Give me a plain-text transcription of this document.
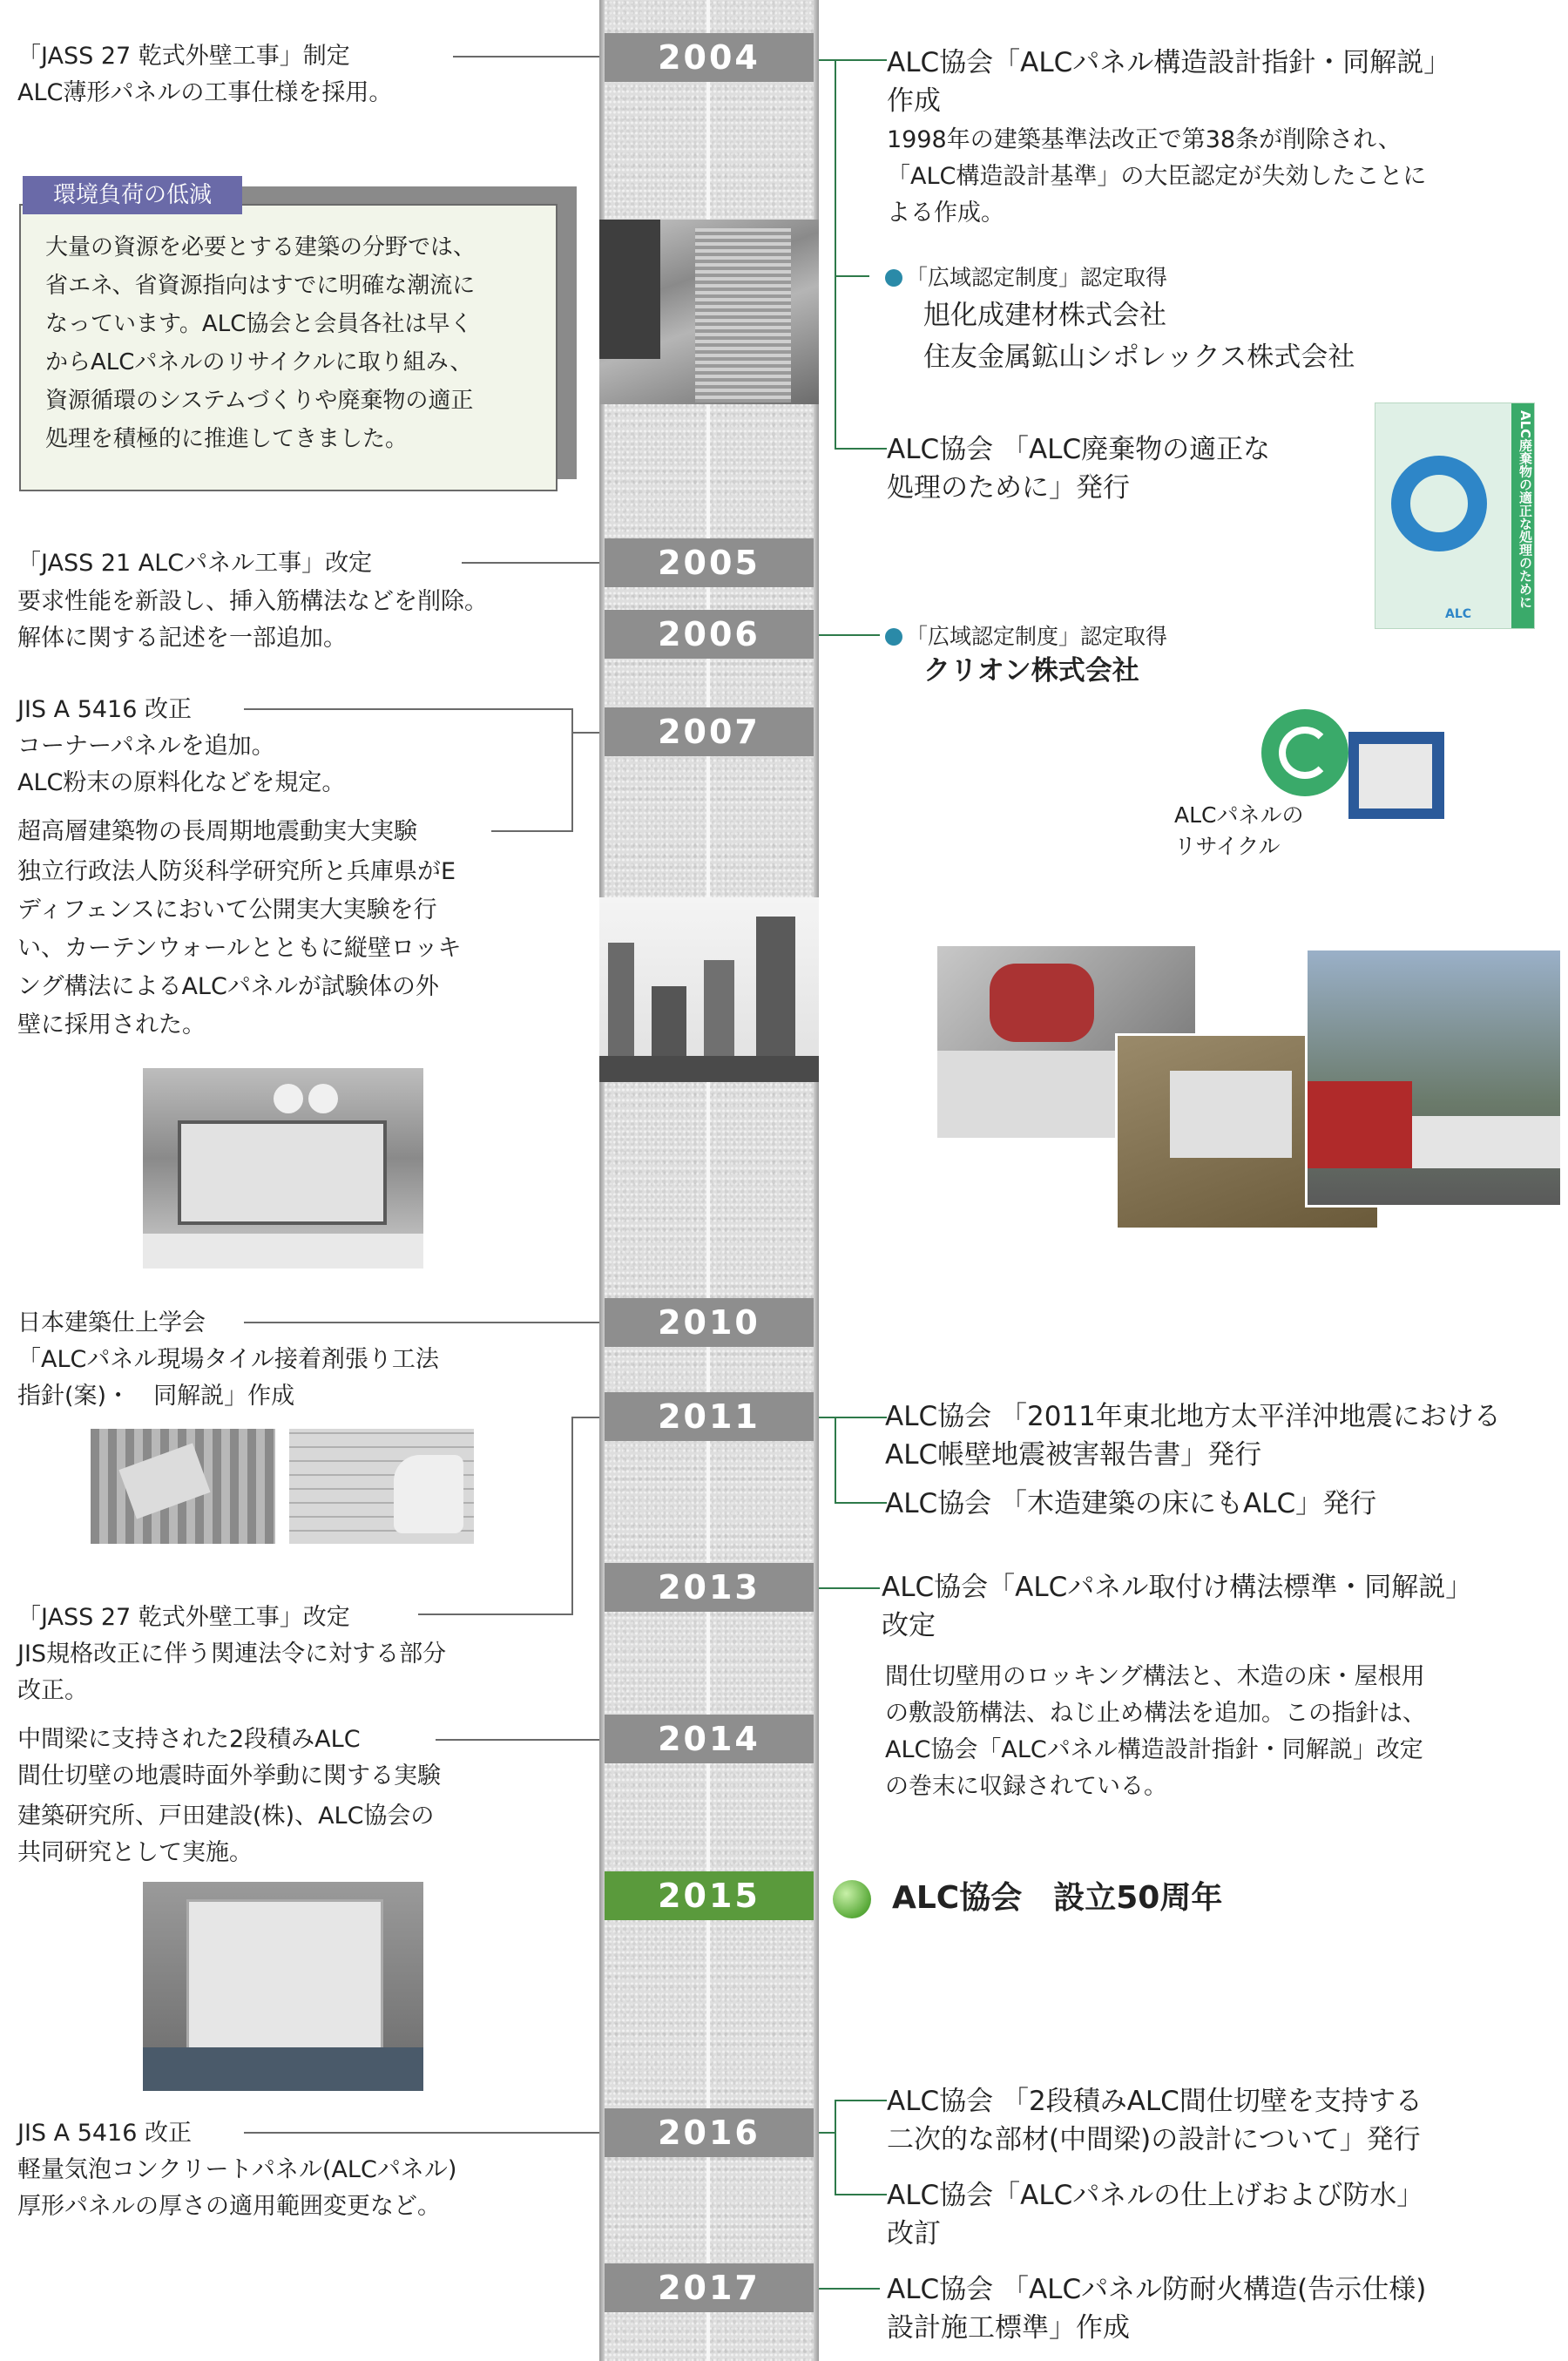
2004
2005
2006
2007
2010
2011
2013
2014
2015
2016
2017
「JASS 27 乾式外壁工事」制定
ALC薄形パネルの工事仕様を採用。
環境負荷の低減
大量の資源を必要とする建築の分野では、
省エネ、省資源指向はすでに明確な潮流に
なっています。ALC協会と会員各社は早く
からALCパネルのリサイクルに取り組み、
資源循環のシステムづくりや廃棄物の適正
処理を積極的に推進してきました。
「JASS 21 ALCパネル工事」改定
要求性能を新設し、挿入筋構法などを削除。
解体に関する記述を一部追加。
JIS A 5416 改正
コーナーパネルを追加。
ALC粉末の原料化などを規定。
超高層建築物の長周期地震動実大実験
独立行政法人防災科学研究所と兵庫県がE
ディフェンスにおいて公開実大実験を行
い、カーテンウォールとともに縦壁ロッキ
ング構法によるALCパネルが試験体の外
壁に採用された。
日本建築仕上学会
「ALCパネル現場タイル接着剤張り工法
指針(案)・　同解説」作成
「JASS 27 乾式外壁工事」改定
JIS規格改正に伴う関連法令に対する部分
改正。
中間梁に支持された2段積みALC
間仕切壁の地震時面外挙動に関する実験
建築研究所、戸田建設(株)、ALC協会の
共同研究として実施。
JIS A 5416 改正
軽量気泡コンクリートパネル(ALCパネル)
厚形パネルの厚さの適用範囲変更など。
ALC協会「ALCパネル構造設計指針・同解説」
作成
1998年の建築基準法改正で第38条が削除され、
「ALC構造設計基準」の大臣認定が失効したことに
よる作成。
「広域認定制度」認定取得
旭化成建材株式会社
住友金属鉱山シポレックス株式会社
ALC協会 「ALC廃棄物の適正な
処理のために」発行	ALC廃棄物の適正な処理のために
ALC
「広域認定制度」認定取得
クリオン株式会社
ALCパネルの
リサイクル
ALC協会 「2011年東北地方太平洋沖地震における
ALC帳壁地震被害報告書」発行
ALC協会 「木造建築の床にもALC」発行
ALC協会「ALCパネル取付け構法標準・同解説」
改定
間仕切壁用のロッキング構法と、木造の床・屋根用
の敷設筋構法、ねじ止め構法を追加。この指針は、
ALC協会「ALCパネル構造設計指針・同解説」改定
の巻末に収録されている。
ALC協会　設立50周年
ALC協会 「2段積みALC間仕切壁を支持する
二次的な部材(中間梁)の設計について」発行
ALC協会「ALCパネルの仕上げおよび防水」
改訂
ALC協会 「ALCパネル防耐火構造(告示仕様)
設計施工標準」作成
